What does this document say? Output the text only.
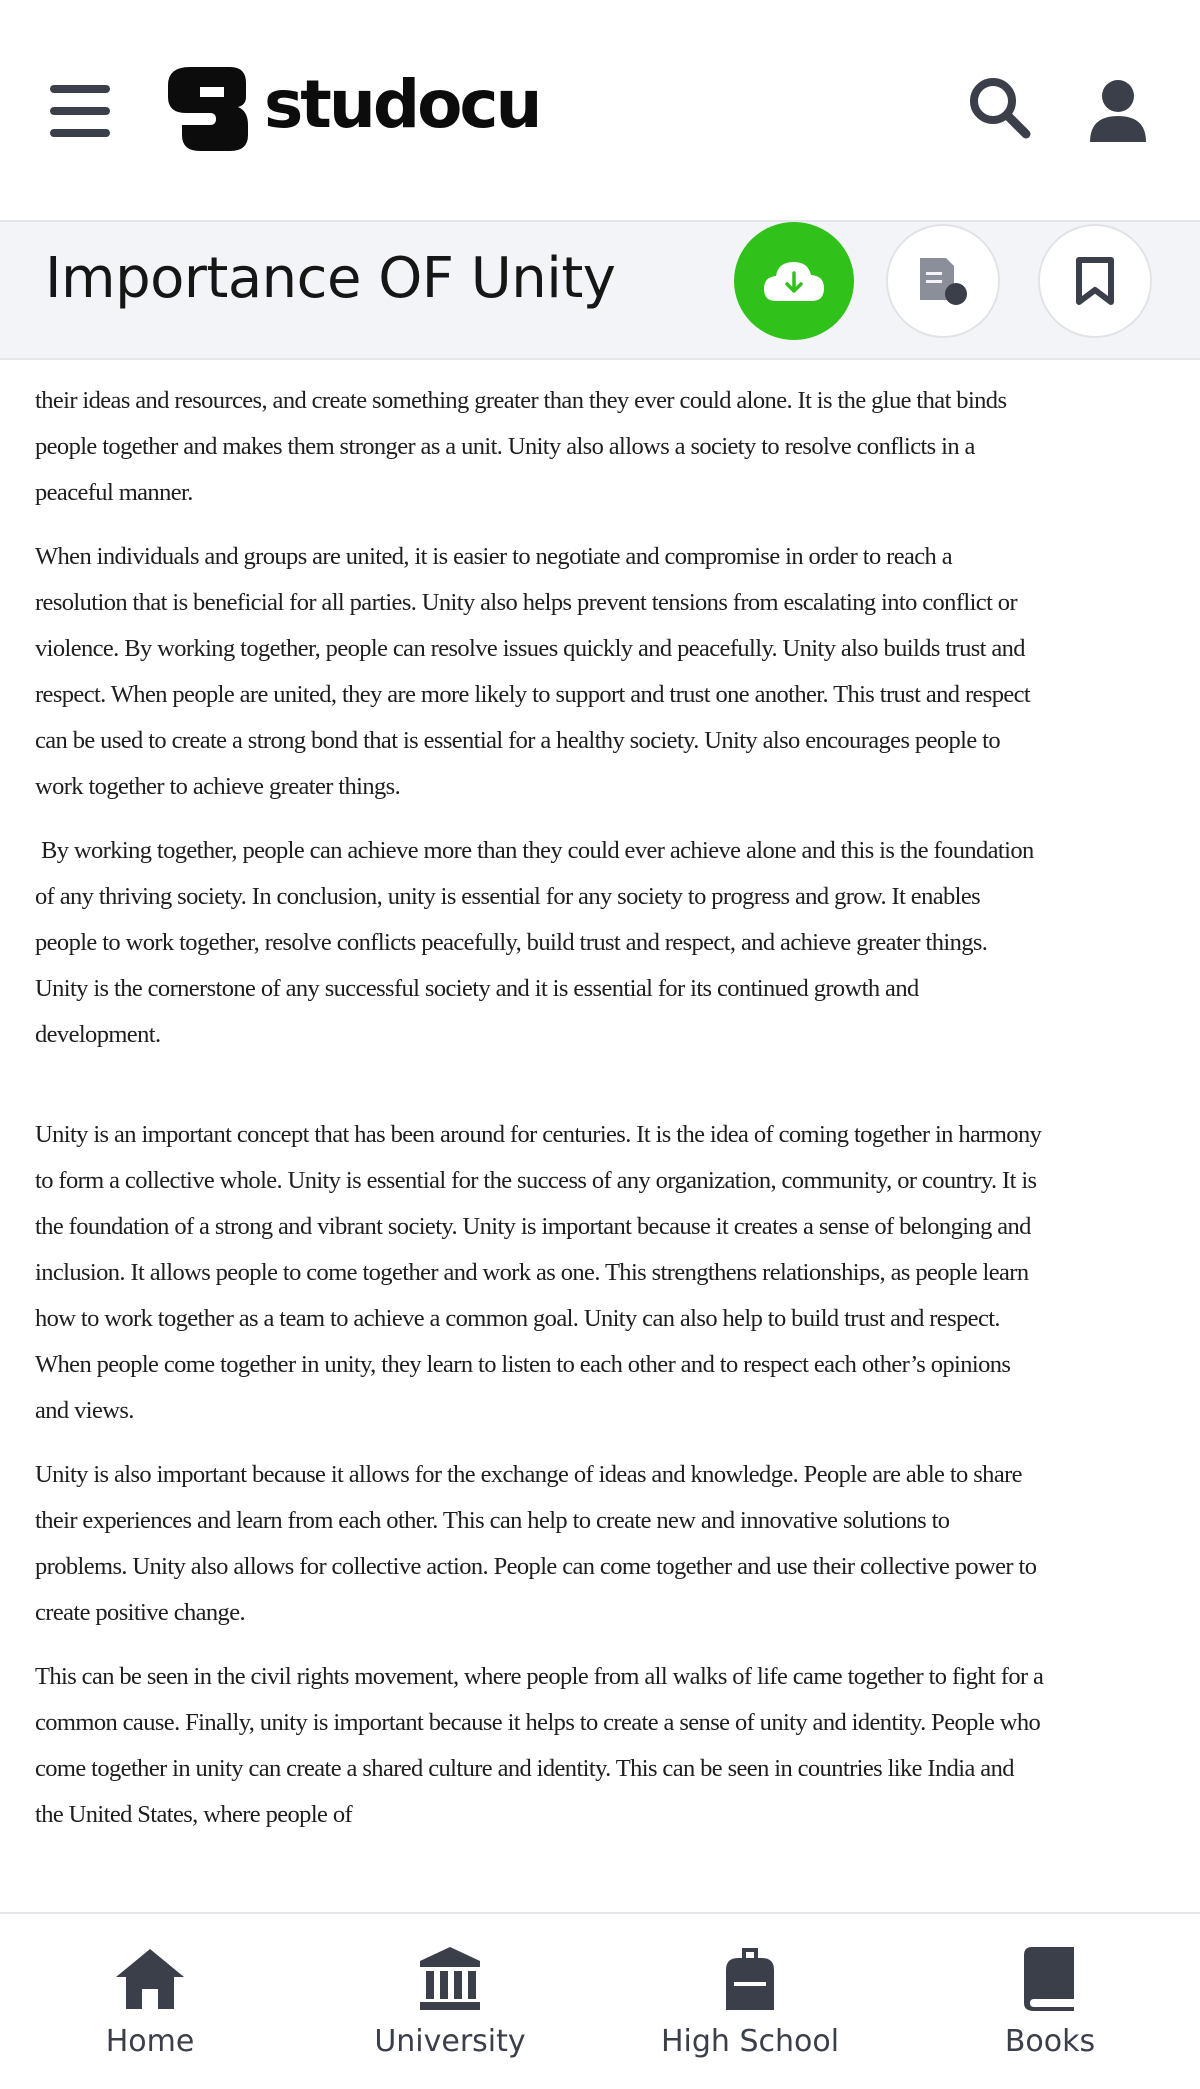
studocu
Importance OF Unity

their ideas and resources, and create something greater than they ever could alone. It is the glue that binds people together and makes them stronger as a unit. Unity also allows a society to resolve conflicts in a peaceful manner.

When individuals and groups are united, it is easier to negotiate and compromise in order to reach a resolution that is beneficial for all parties. Unity also helps prevent tensions from escalating into conflict or violence. By working together, people can resolve issues quickly and peacefully. Unity also builds trust and respect. When people are united, they are more likely to support and trust one another. This trust and respect can be used to create a strong bond that is essential for a healthy society. Unity also encourages people to work together to achieve greater things.

By working together, people can achieve more than they could ever achieve alone and this is the foundation of any thriving society. In conclusion, unity is essential for any society to progress and grow. It enables people to work together, resolve conflicts peacefully, build trust and respect, and achieve greater things. Unity is the cornerstone of any successful society and it is essential for its continued growth and development.

Unity is an important concept that has been around for centuries. It is the idea of coming together in harmony to form a collective whole. Unity is essential for the success of any organization, community, or country. It is the foundation of a strong and vibrant society. Unity is important because it creates a sense of belonging and inclusion. It allows people to come together and work as one. This strengthens relationships, as people learn how to work together as a team to achieve a common goal. Unity can also help to build trust and respect. When people come together in unity, they learn to listen to each other and to respect each other’s opinions and views.

Unity is also important because it allows for the exchange of ideas and knowledge. People are able to share their experiences and learn from each other. This can help to create new and innovative solutions to problems. Unity also allows for collective action. People can come together and use their collective power to create positive change.

This can be seen in the civil rights movement, where people from all walks of life came together to fight for a common cause. Finally, unity is important because it helps to create a sense of unity and identity. People who come together in unity can create a shared culture and identity. This can be seen in countries like India and the United States, where people of

Home	University	High School	Books
